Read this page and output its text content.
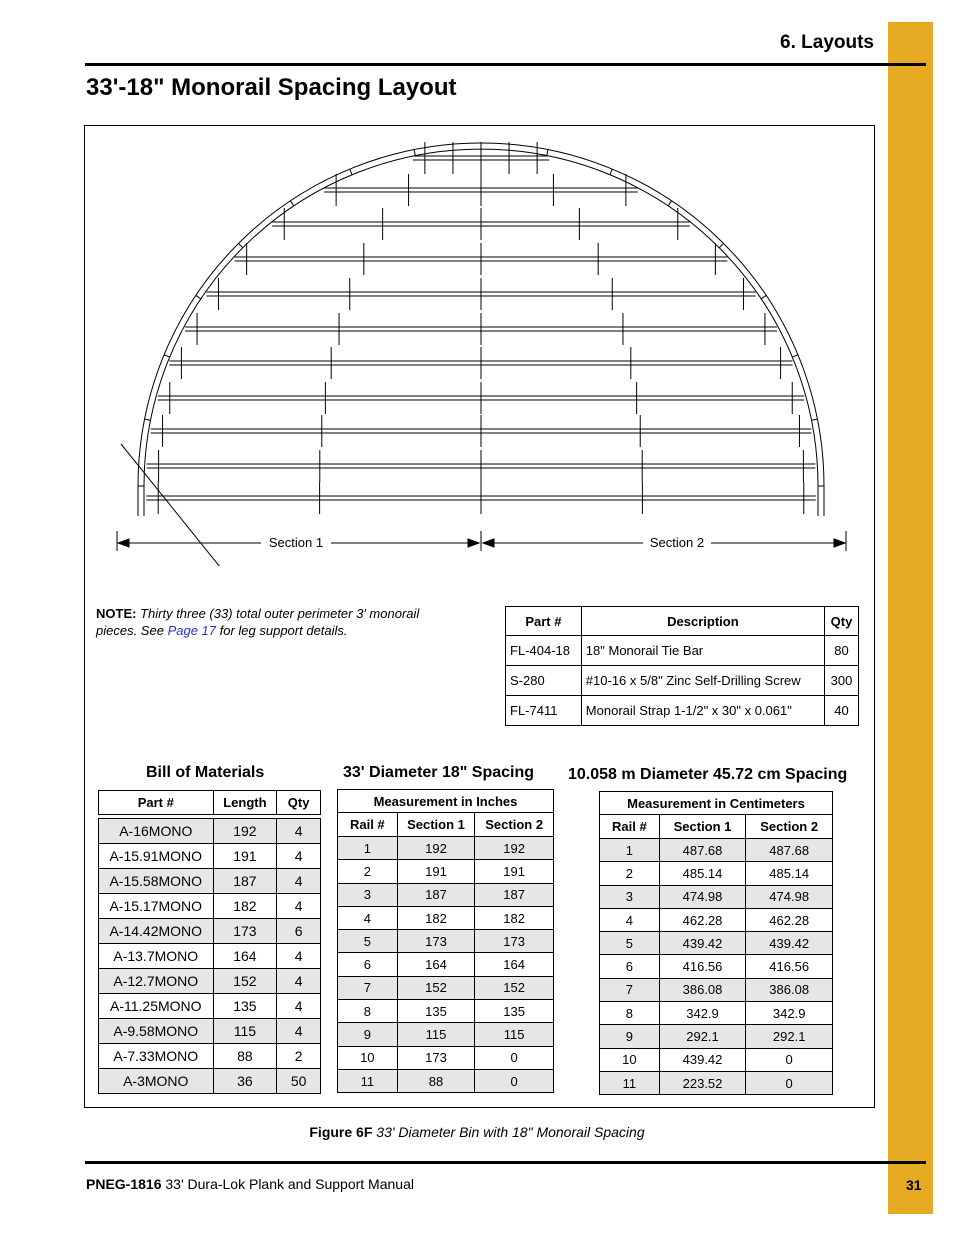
6. Layouts
33'-18" Monorail Spacing Layout
Section 1	Section 2
NOTE: Thirty three (33) total outer perimeter 3' monorail pieces. See Page 17 for leg support details.
Part #	Description	Qty
FL-404-18	18" Monorail Tie Bar	80
S-280	#10-16 x 5/8" Zinc Self-Drilling Screw	300
FL-7411	Monorail Strap 1-1/2" x 30" x 0.061"	40
Bill of Materials
Part #	Length	Qty

A-16MONO	192	4
A-15.91MONO	191	4
A-15.58MONO	187	4
A-15.17MONO	182	4
A-14.42MONO	173	6
A-13.7MONO	164	4
A-12.7MONO	152	4
A-11.25MONO	135	4
A-9.58MONO	115	4
A-7.33MONO	88	2
A-3MONO	36	50
33' Diameter 18" Spacing
Measurement in Inches		
Rail #	Section 1	Section 2
1	192	192
2	191	191
3	187	187
4	182	182
5	173	173
6	164	164
7	152	152
8	135	135
9	115	115
10	173	0
11	88	0
10.058 m Diameter 45.72 cm Spacing
Measurement in Centimeters		
Rail #	Section 1	Section 2
1	487.68	487.68
2	485.14	485.14
3	474.98	474.98
4	462.28	462.28
5	439.42	439.42
6	416.56	416.56
7	386.08	386.08
8	342.9	342.9
9	292.1	292.1
10	439.42	0
11	223.52	0
Figure 6F 33' Diameter Bin with 18" Monorail Spacing
PNEG-1816 33' Dura-Lok Plank and Support Manual	31
